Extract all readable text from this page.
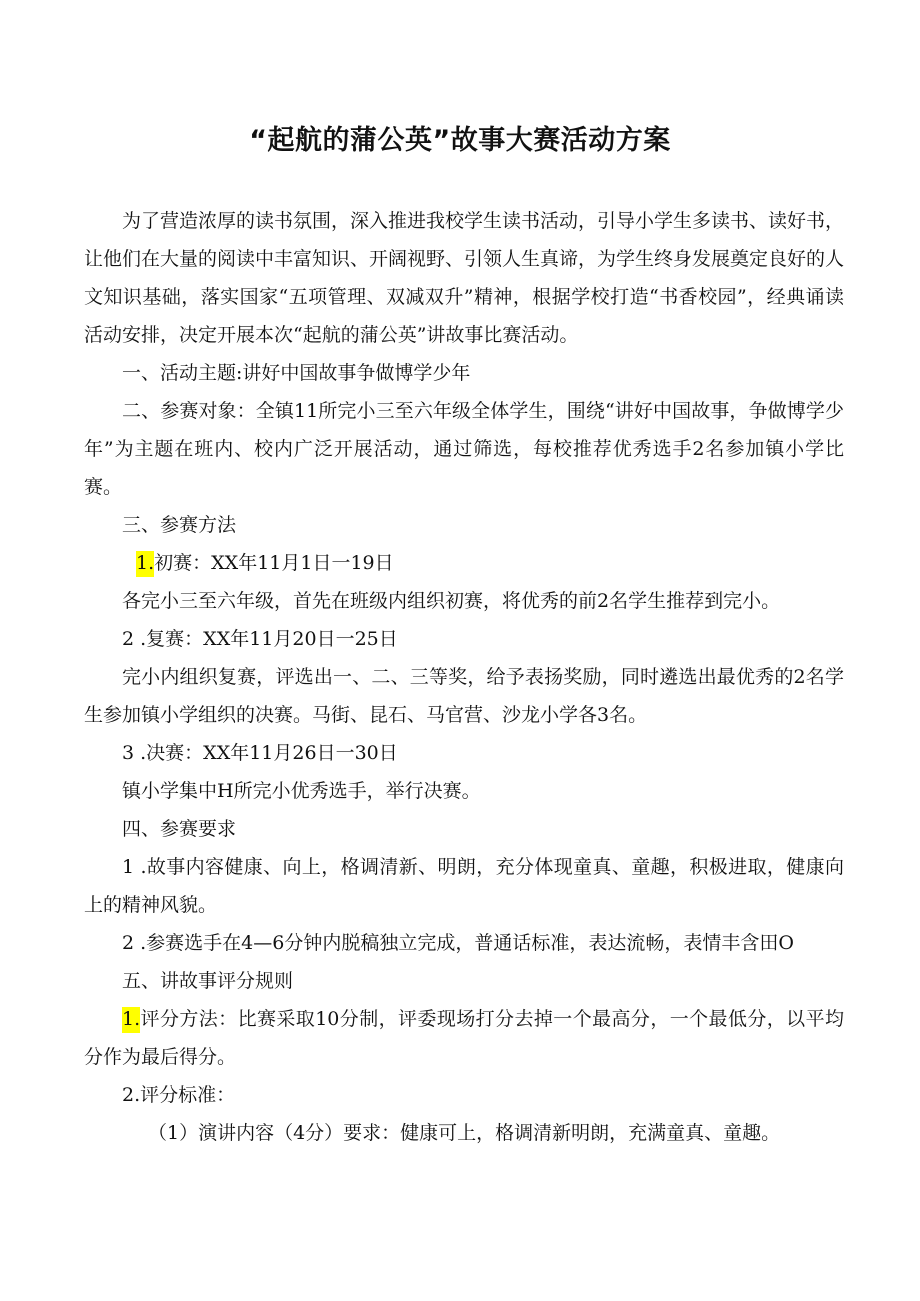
“起航的蒲公英”故事大赛活动方案

为了营造浓厚的读书氛围，深入推进我校学生读书活动，引导小学生多读书、读好书，让他们在大量的阅读中丰富知识、开阔视野、引领人生真谛，为学生终身发展奠定良好的人文知识基础，落实国家“五项管理、双减双升”精神，根据学校打造“书香校园”，经典诵读活动安排，决定开展本次“起航的蒲公英”讲故事比赛活动。

一、活动主题:讲好中国故事争做博学少年

二、参赛对象：全镇11所完小三至六年级全体学生，围绕“讲好中国故事，争做博学少年”为主题在班内、校内广泛开展活动，通过筛选，每校推荐优秀选手2名参加镇小学比赛。

三、参赛方法

1.初赛：XX年11月1日一19日

各完小三至六年级，首先在班级内组织初赛，将优秀的前2名学生推荐到完小。

2 .复赛：XX年11月20日一25日

完小内组织复赛，评选出一、二、三等奖，给予表扬奖励，同时遴选出最优秀的2名学生参加镇小学组织的决赛。马街、昆石、马官营、沙龙小学各3名。

3 .决赛：XX年11月26日一30日

镇小学集中H所完小优秀选手，举行决赛。

四、参赛要求

1 .故事内容健康、向上，格调清新、明朗，充分体现童真、童趣，积极进取，健康向上的精神风貌。

2 .参赛选手在4—6分钟内脱稿独立完成，普通话标准，表达流畅，表情丰含田O

五、讲故事评分规则

1.评分方法：比赛采取10分制，评委现场打分去掉一个最高分，一个最低分，以平均分作为最后得分。

2.评分标准：

（1）演讲内容（4分）要求：健康可上，格调清新明朗，充满童真、童趣。
